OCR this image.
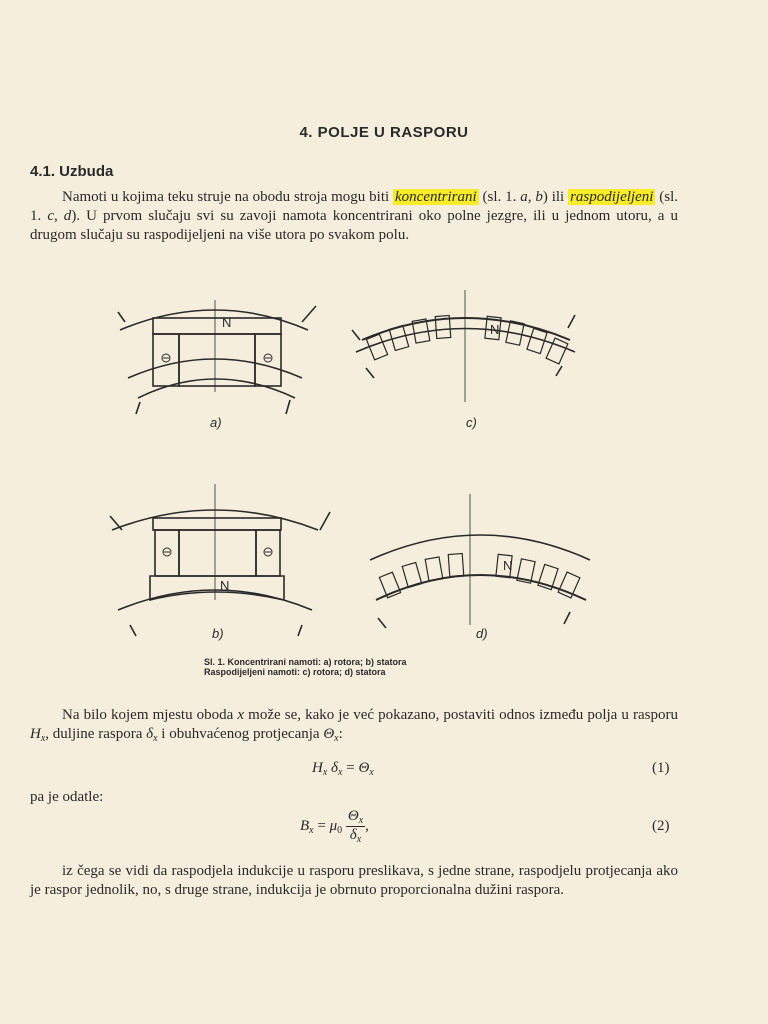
4. POLJE U RASPORU
4.1. Uzbuda
Namoti u kojima teku struje na obodu stroja mogu biti koncentrirani (sl. 1. a, b) ili raspodijeljeni (sl. 1. c, d). U prvom slučaju svi su zavoji namota koncentrirani oko polne jezgre, ili u jednom utoru, a u drugom slučaju su raspodijeljeni na više utora po svakom polu.
N	N
N
N
a)	c)
b)	d)
Sl. 1. Koncentrirani namoti: a) rotora; b) statora
Raspodijeljeni namoti: c) rotora; d) statora
Na bilo kojem mjestu oboda x može se, kako je već pokazano, postaviti odnos između polja u rasporu $H_x$, duljine raspora $\delta_x$ i obuhvaćenog protjecanja $\Theta_x$:
$H_x$ $\delta_x = \Theta_x$	(1)
pa je odatle:
$B_x = \mu_0 \frac{\Theta_x}{\delta_x}$ ,	(2)
iz čega se vidi da raspodjela indukcije u rasporu preslikava, s jedne strane, raspodjelu protjecanja ako je raspor jednolik, no, s druge strane, indukcija je obrnuto proporcionalna dužini raspora.
